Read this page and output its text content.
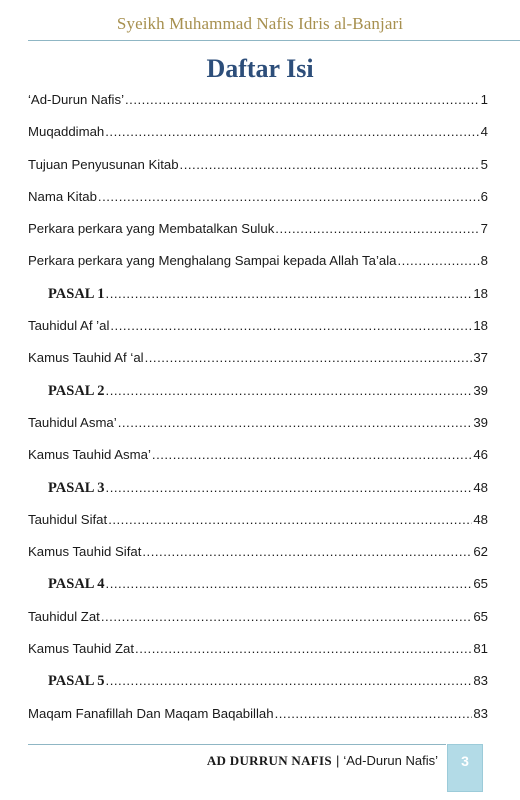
Syeikh Muhammad Nafis Idris al-Banjari
Daftar Isi
‘Ad-Durun Nafis’ .....	1
Muqaddimah .....	4
Tujuan Penyusunan Kitab .....	5
Nama Kitab .....	6
Perkara perkara yang Membatalkan Suluk .....	7
Perkara perkara yang Menghalang Sampai kepada Allah Ta’ala .....	8
PASAL 1 .....	18
Tauhidul Af ’al .....	18
Kamus Tauhid Af ‘al .....	37
PASAL 2 .....	39
Tauhidul Asma’ .....	39
Kamus Tauhid Asma’ .....	46
PASAL 3 .....	48
Tauhidul Sifat .....	48
Kamus Tauhid Sifat .....	62
PASAL 4 .....	65
Tauhidul Zat .....	65
Kamus Tauhid Zat .....	81
PASAL 5 .....	83
Maqam Fanafillah Dan Maqam Baqabillah .....	83
AD DURRUN NAFIS | ‘Ad-Durun Nafis’	3
